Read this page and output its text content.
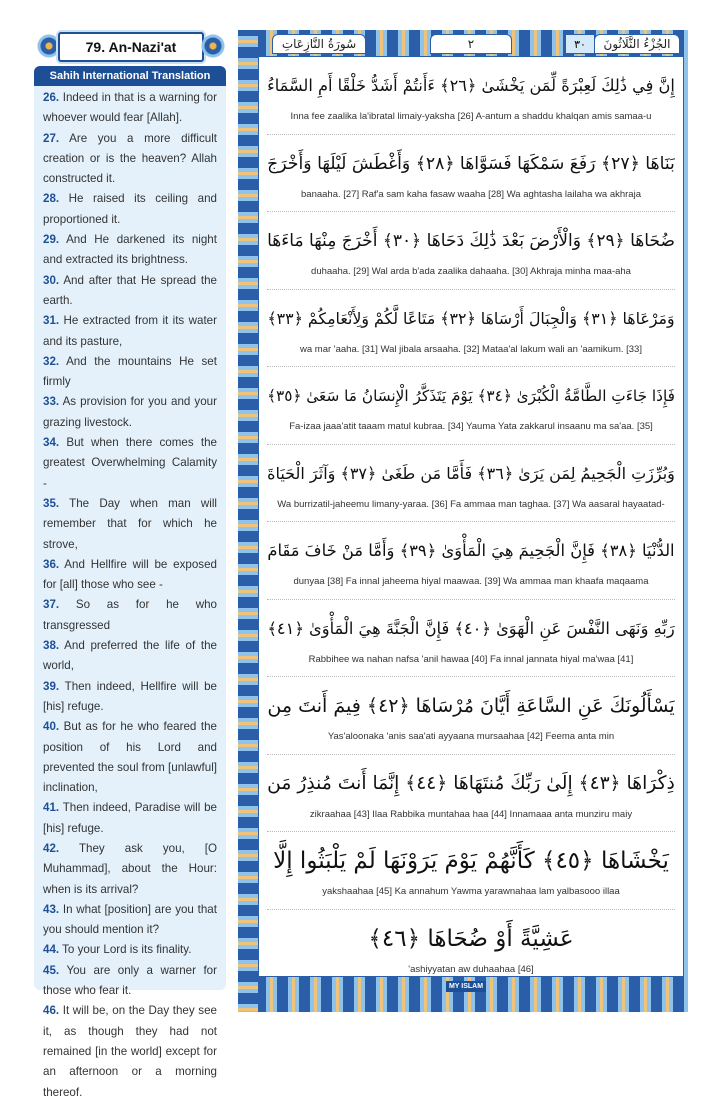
79. An-Nazi'at
Sahih International Translation
26. Indeed in that is a warning for whoever would fear [Allah].
27. Are you a more difficult creation or is the heaven? Allah constructed it.
28. He raised its ceiling and proportioned it.
29. And He darkened its night and extracted its brightness.
30. And after that He spread the earth.
31. He extracted from it its water and its pasture,
32. And the mountains He set firmly
33. As provision for you and your grazing livestock.
34. But when there comes the greatest Overwhelming Calamity -
35. The Day when man will remember that for which he strove,
36. And Hellfire will be exposed for [all] those who see -
37. So as for he who transgressed
38. And preferred the life of the world,
39. Then indeed, Hellfire will be [his] refuge.
40. But as for he who feared the position of his Lord and prevented the soul from [unlawful] inclination,
41. Then indeed, Paradise will be [his] refuge.
42. They ask you, [O Muhammad], about the Hour: when is its arrival?
43. In what [position] are you that you should mention it?
44. To your Lord is its finality.
45. You are only a warner for those who fear it.
46. It will be, on the Day they see it, as though they had not remained [in the world] except for an afternoon or a morning thereof.
سُورَةُ النَّازِعَاتِ	٢	٣٠	الجُزْءُ الثَّلَاثُونَ
إِنَّ فِي ذَٰلِكَ لَعِبْرَةً لِّمَن يَخْشَىٰ ﴿٢٦﴾ ءَأَنتُمْ أَشَدُّ خَلْقًا أَمِ السَّمَاءُ
Inna fee zaalika la'ibratal limaiy-yaksha [26] A-antum a shaddu khalqan amis samaa-u
بَنَاهَا ﴿٢٧﴾ رَفَعَ سَمْكَهَا فَسَوَّاهَا ﴿٢٨﴾ وَأَغْطَشَ لَيْلَهَا وَأَخْرَجَ
banaaha. [27] Raf'a sam kaha fasaw waaha [28] Wa aghtasha lailaha wa akhraja
ضُحَاهَا ﴿٢٩﴾ وَالْأَرْضَ بَعْدَ ذَٰلِكَ دَحَاهَا ﴿٣٠﴾ أَخْرَجَ مِنْهَا مَاءَهَا
duhaaha. [29] Wal arda b'ada zaalika dahaaha. [30] Akhraja minha maa-aha
وَمَرْعَاهَا ﴿٣١﴾ وَالْجِبَالَ أَرْسَاهَا ﴿٣٢﴾ مَتَاعًا لَّكُمْ وَلِأَنْعَامِكُمْ ﴿٣٣﴾
wa mar 'aaha. [31] Wal jibala arsaaha. [32] Mataa'al lakum wali an 'aamikum. [33]
فَإِذَا جَاءَتِ الطَّامَّةُ الْكُبْرَىٰ ﴿٣٤﴾ يَوْمَ يَتَذَكَّرُ الْإِنسَانُ مَا سَعَىٰ ﴿٣٥﴾
Fa-izaa jaaa'atit taaam matul kubraa. [34] Yauma Yata zakkarul insaanu ma sa'aa. [35]
وَبُرِّزَتِ الْجَحِيمُ لِمَن يَرَىٰ ﴿٣٦﴾ فَأَمَّا مَن طَغَىٰ ﴿٣٧﴾ وَآثَرَ الْحَيَاةَ
Wa burrizatil-jaheemu limany-yaraa. [36] Fa ammaa man taghaa. [37] Wa aasaral hayaatad-
الدُّنْيَا ﴿٣٨﴾ فَإِنَّ الْجَحِيمَ هِيَ الْمَأْوَىٰ ﴿٣٩﴾ وَأَمَّا مَنْ خَافَ مَقَامَ
dunyaa [38] Fa innal jaheema hiyal maawaa. [39] Wa ammaa man khaafa maqaama
رَبِّهِ وَنَهَى النَّفْسَ عَنِ الْهَوَىٰ ﴿٤٠﴾ فَإِنَّ الْجَنَّةَ هِيَ الْمَأْوَىٰ ﴿٤١﴾
Rabbihee wa nahan nafsa 'anil hawaa [40] Fa innal jannata hiyal ma'waa [41]
يَسْأَلُونَكَ عَنِ السَّاعَةِ أَيَّانَ مُرْسَاهَا ﴿٤٢﴾ فِيمَ أَنتَ مِن
Yas'aloonaka 'anis saa'ati ayyaana mursaahaa [42] Feema anta min
ذِكْرَاهَا ﴿٤٣﴾ إِلَىٰ رَبِّكَ مُنتَهَاهَا ﴿٤٤﴾ إِنَّمَا أَنتَ مُنذِرُ مَن
zikraahaa [43] Ilaa Rabbika muntahaa haa [44] Innamaaa anta munziru maiy
يَخْشَاهَا ﴿٤٥﴾ كَأَنَّهُمْ يَوْمَ يَرَوْنَهَا لَمْ يَلْبَثُوا إِلَّا
yakshaahaa [45] Ka annahum Yawma yarawnahaa lam yalbasooo illaa
عَشِيَّةً أَوْ ضُحَاهَا ﴿٤٦﴾
'ashiyyatan aw duhaahaa [46]
MY ISLAM
